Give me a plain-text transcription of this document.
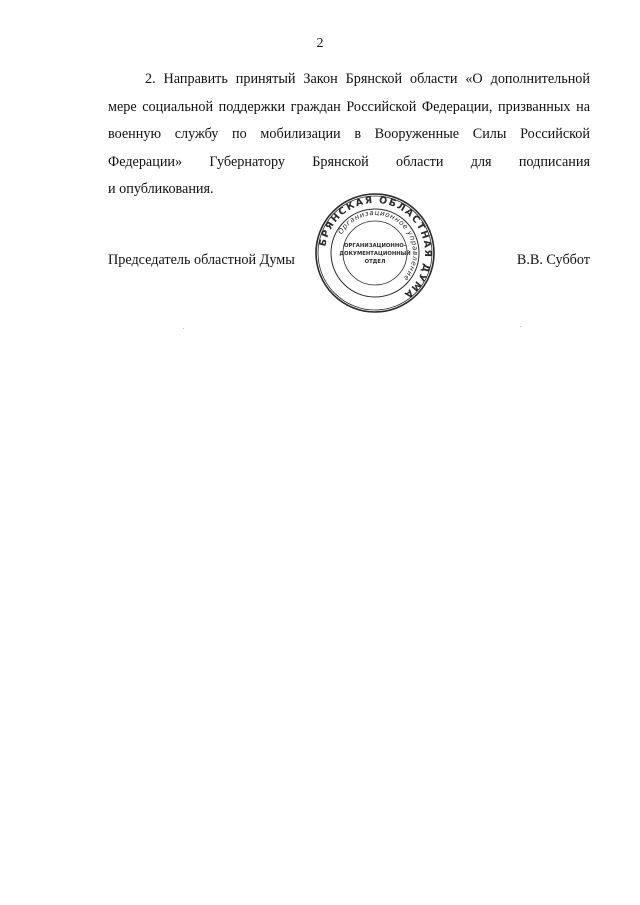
2
2. Направить принятый Закон Брянской области «О дополнительной
мере социальной поддержки граждан Российской Федерации, призванных на
военную службу по мобилизации в Вооруженные Силы Российской
Федерации» Губернатору Брянской области для подписания
и опубликования.
Председатель областной Думы	В.В. Суббот
БРЯНСКАЯ ОБЛАСТНАЯ ДУМА
Организационное управление
ОРГАНИЗАЦИОННО-
ДОКУМЕНТАЦИОННЫЙ
ОТДЕЛ
